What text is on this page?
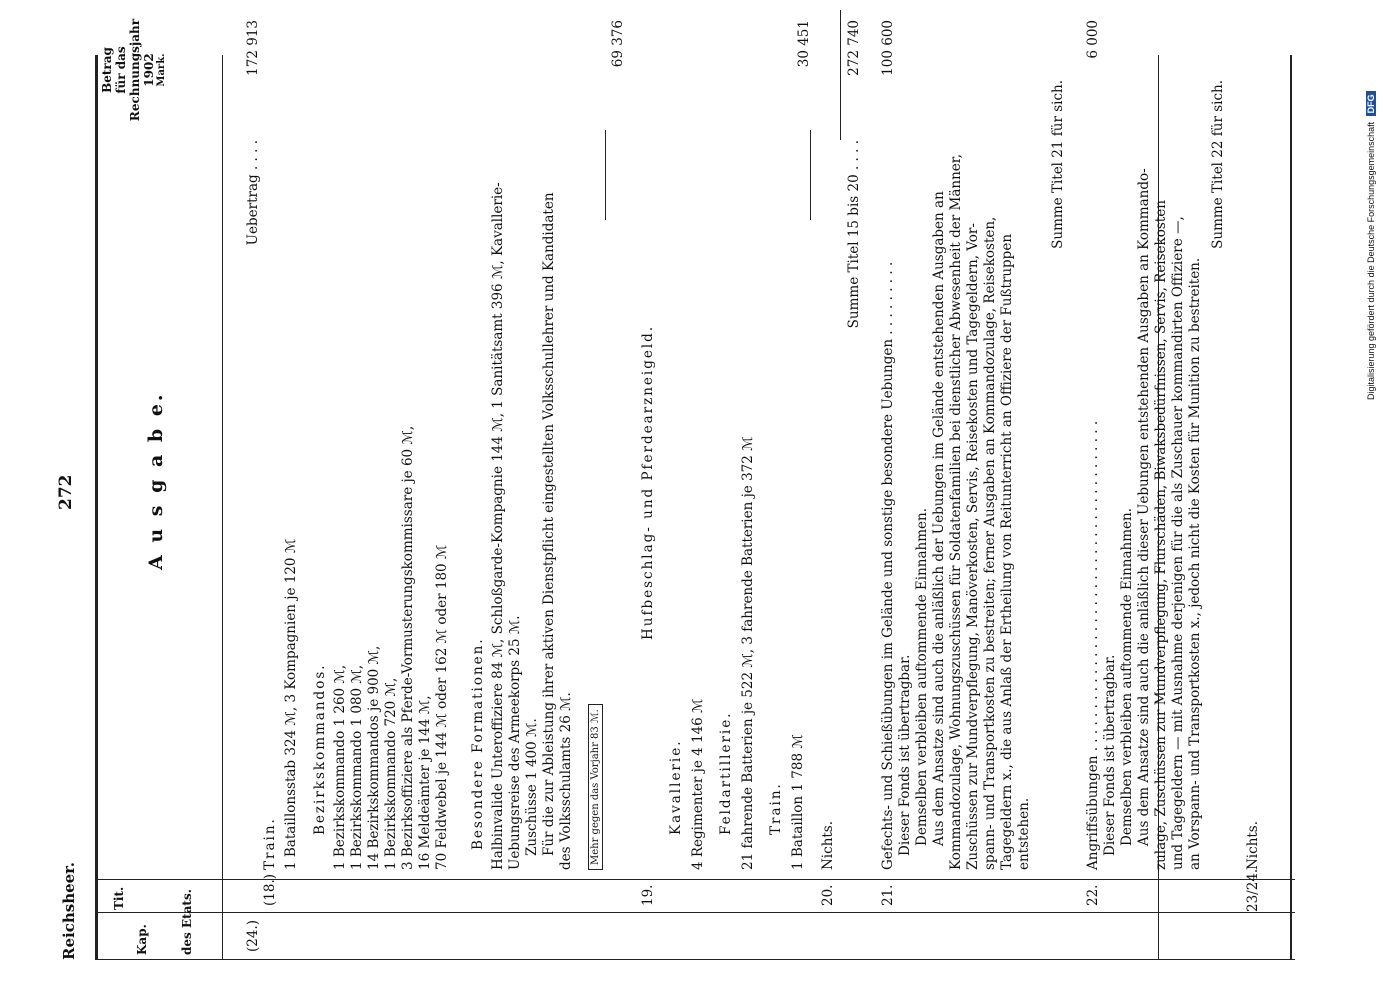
Reichsheer.
272
Kap.
Tit.	des Etats.
A u s g a b e.
Betrag für das Rechnungsjahr 1902 Mark.
Uebertrag . . . .
172 913
(24.)
(18.)
Train. 1 Bataillonsstab 324 ℳ, 3 Kompagnien je 120 ℳ Bezirkskommandos. 1 Bezirkskommando 1 260 ℳ, 1 Bezirkskommando 1 080 ℳ, 14 Bezirkskommandos je 900 ℳ, 1 Bezirkskommando 720 ℳ, 3 Bezirksoffiziere als Pferde-Vormusterungskommissare je 60 ℳ, 16 Meldeämter je 144 ℳ, 70 Feldwebel je 144 ℳ oder 162 ℳ oder 180 ℳ Besondere Formationen. Halbinvalide Unteroffiziere 84 ℳ, Schloßgarde-Kompagnie 144 ℳ, 1 Sanitätsamt 396 ℳ, Kavallerie- Uebungsreise des Armeekorps 25 ℳ. Zuschüsse 1 400 ℳ. Für die zur Ableistung ihrer aktiven Dienstpflicht eingestellten Volksschullehrer und Kandidaten des Volksschulamts 26 ℳ.	Mehr gegen das Vorjahr 83 ℳ.
69 376
19.
Hufbeschlag- und Pferdearzneigeld.
Kavallerie. 4 Regimenter je 4 146 ℳ Feldartillerie. 21 fahrende Batterien je 522 ℳ, 3 fahrende Batterien je 372 ℳ Train. 1 Bataillon 1 788 ℳ
30 451
20.
Nichts.
Summe Titel 15 bis 20 . . . .
272 740
21.
Gefechts- und Schießübungen im Gelände und sonstige besondere Uebungen . . . . . . . . . Dieser Fonds ist übertragbar. Demselben verbleiben auftommende Einnahmen. Aus dem Ansatze sind auch die anläßlich der Uebungen im Gelände entstehenden Ausgaben an Kommandozulage, Wohnungszuschüssen für Soldatenfamilien bei dienstlicher Abwesenheit der Männer, Zuschüssen zur Mundverpflegung, Manöverkosten, Servis, Reisekosten und Tagegeldern, Vor- spann- und Transportkosten zu bestreiten; ferner Ausgaben an Kommandozulage, Reisekosten, Tagegeldern x., die aus Anlaß der Ertheilung von Reitunterricht an Offiziere der Fußtruppen entstehen.
100 600
Summe Titel 21 für sich.
22.
Angriffsübungen . . . . . . . . . . . . . . . . . . . . . . . . . . . . . . . . . . . . . . . Dieser Fonds ist übertragbar. Demselben verbleiben auftommende Einnahmen. Aus dem Ansatze sind auch die anläßlich dieser Uebungen entstehenden Ausgaben an Kommando- zulage, Zuschüssen zur Mundverpflegung, Flurschäden, Biwaksbedürfnissen, Servis, Reisekosten und Tagegeldern — mit Ausnahme derjenigen für die als Zuschauer kommandirten Offiziere —, an Vorspann- und Transportkosten x., jedoch nicht die Kosten für Munition zu bestreiten.
6 000
Summe Titel 22 für sich.
23/24.
Nichts.
Digitalisierung gefördert durch die Deutsche Forschungsgemeinschaft DFG
